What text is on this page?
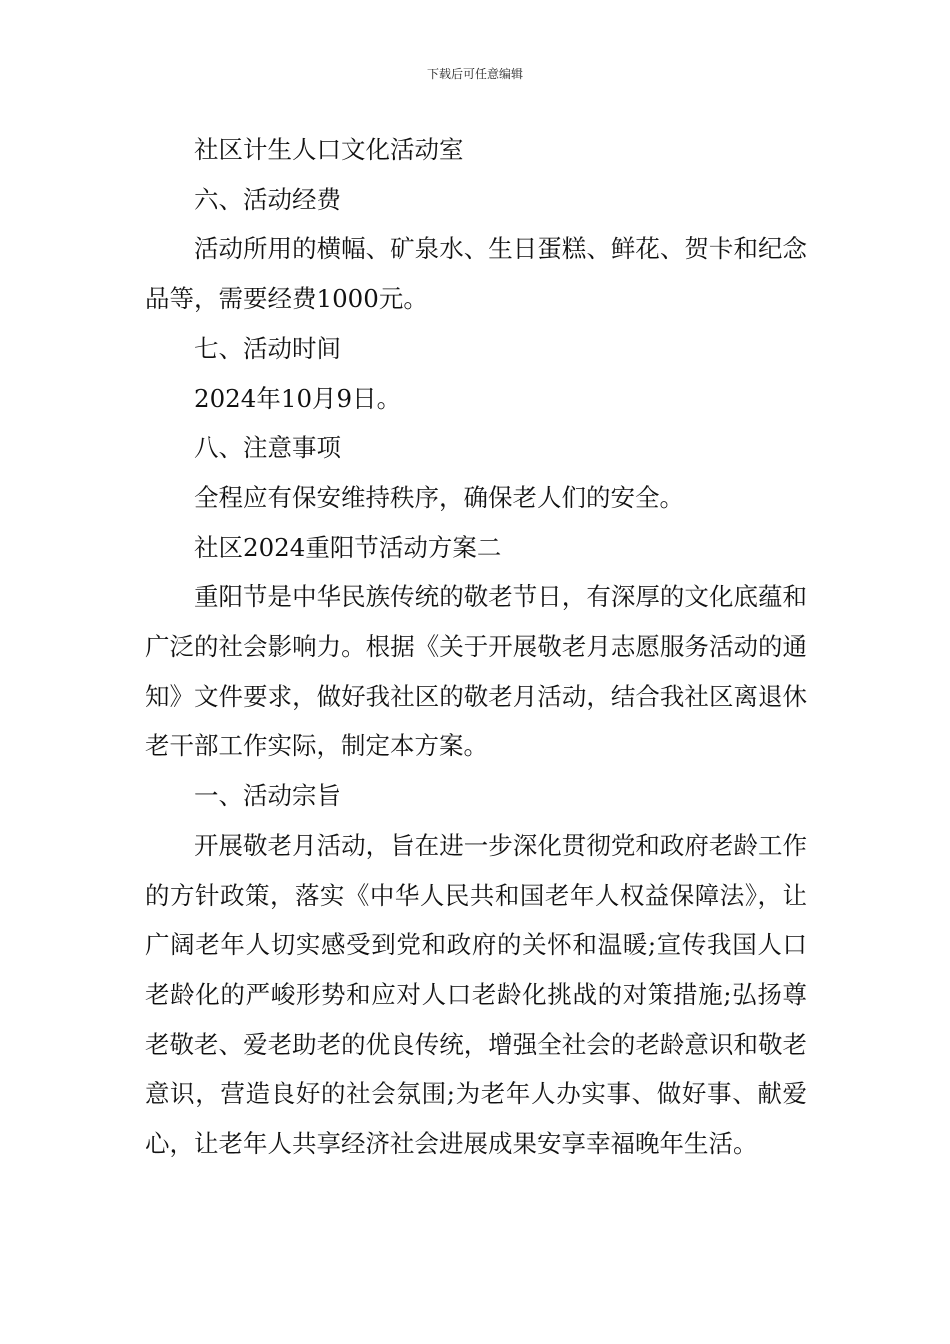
下载后可任意编辑

社区计生人口文化活动室

六、活动经费

活动所用的横幅、矿泉水、生日蛋糕、鲜花、贺卡和纪念品等，需要经费1000元。

七、活动时间

2024年10月9日。

八、注意事项

全程应有保安维持秩序，确保老人们的安全。

社区2024重阳节活动方案二

重阳节是中华民族传统的敬老节日，有深厚的文化底蕴和广泛的社会影响力。根据《关于开展敬老月志愿服务活动的通知》文件要求，做好我社区的敬老月活动，结合我社区离退休老干部工作实际，制定本方案。

一、活动宗旨

开展敬老月活动，旨在进一步深化贯彻党和政府老龄工作的方针政策，落实《中华人民共和国老年人权益保障法》，让广阔老年人切实感受到党和政府的关怀和温暖;宣传我国人口老龄化的严峻形势和应对人口老龄化挑战的对策措施;弘扬尊老敬老、爱老助老的优良传统，增强全社会的老龄意识和敬老意识，营造良好的社会氛围;为老年人办实事、做好事、献爱心，让老年人共享经济社会进展成果安享幸福晚年生活。
